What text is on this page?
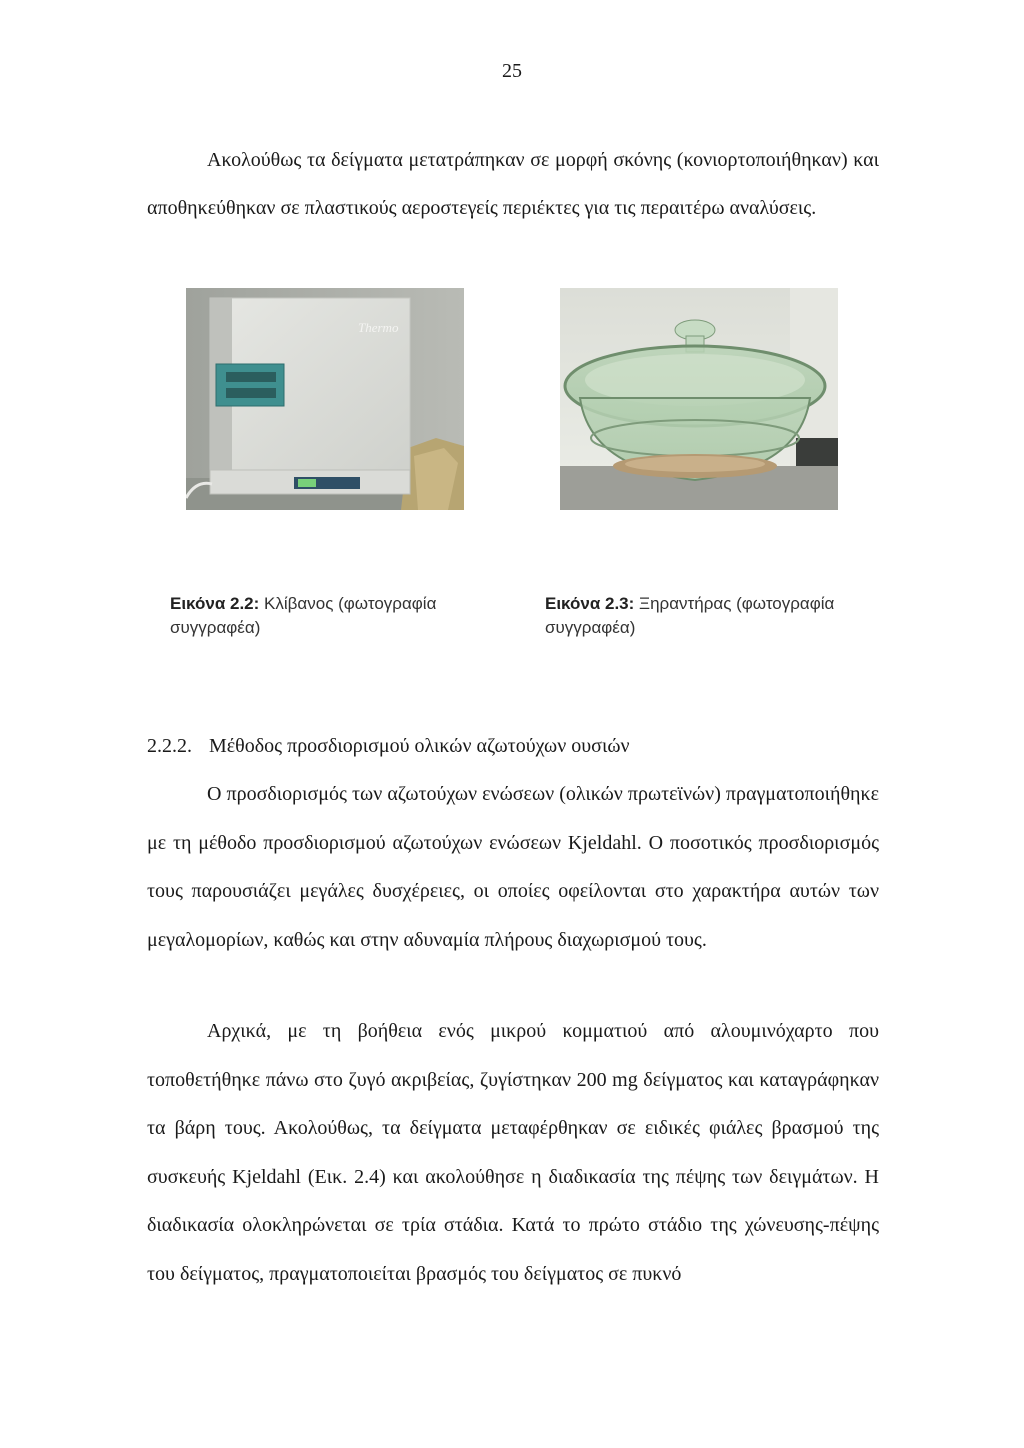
25

Ακολούθως τα δείγματα μετατράπηκαν σε μορφή σκόνης (κονιορτοποιήθηκαν) και αποθηκεύθηκαν σε πλαστικούς αεροστεγείς περιέκτες για τις περαιτέρω αναλύσεις.

Thermo
Εικόνα 2.2: Κλίβανος (φωτογραφία συγγραφέα)
Εικόνα 2.3: Ξηραντήρας (φωτογραφία συγγραφέα)
2.2.2. Μέθοδος προσδιορισμού ολικών αζωτούχων ουσιών

Ο προσδιορισμός των αζωτούχων ενώσεων (ολικών πρωτεϊνών) πραγματοποιήθηκε με τη μέθοδο προσδιορισμού αζωτούχων ενώσεων Kjeldahl. Ο ποσοτικός προσδιορισμός τους παρουσιάζει μεγάλες δυσχέρειες, οι οποίες οφείλονται στο χαρακτήρα αυτών των μεγαλομορίων, καθώς και στην αδυναμία πλήρους διαχωρισμού τους.

Αρχικά, με τη βοήθεια ενός μικρού κομματιού από αλουμινόχαρτο που τοποθετήθηκε πάνω στο ζυγό ακριβείας, ζυγίστηκαν 200 mg δείγματος και καταγράφηκαν τα βάρη τους. Ακολούθως, τα δείγματα μεταφέρθηκαν σε ειδικές φιάλες βρασμού της συσκευής Kjeldahl (Εικ. 2.4) και ακολούθησε η διαδικασία της πέψης των δειγμάτων. Η διαδικασία ολοκληρώνεται σε τρία στάδια. Κατά το πρώτο στάδιο της χώνευσης-πέψης του δείγματος, πραγματοποιείται βρασμός του δείγματος σε πυκνό
